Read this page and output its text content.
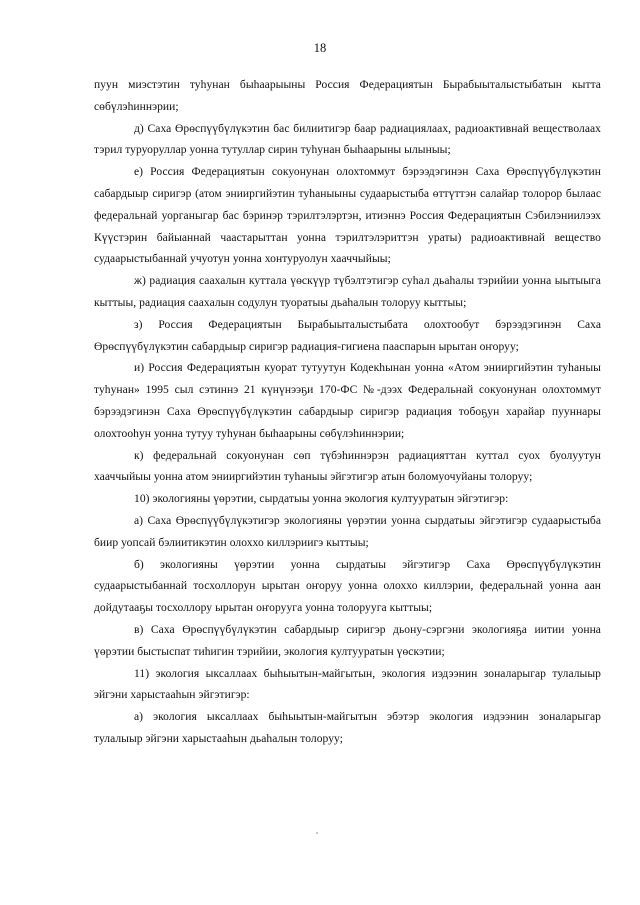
18

пуун миэстэтин туһунан быһаарыыны Россия Федерациятын Бырабыыталыстыбатын кытта сөбүлэһиннэрии;

д) Саха Өрөспүүбүлүкэтин бас билиитигэр баар радиациялаах, радиоактивнай веществолаах тэрил туруоруллар уонна тутуллар сирин туһунан быһаарыны ылыныы;

е) Россия Федерациятын сокуонунан олохтоммут бэрээдэгинэн Саха Өрөспүүбүлүкэтин сабардыыр сиригэр (атом энииргийэтин туһаныыны судаарыстыба өттүттэн салайар толорор былаас федеральнай уорганыгар бас бэринэр тэрилтэлэртэн, итиэннэ Россия Федерациятын Сэбилэниилээх Күүстэрин байыаннай чаастарыттан уонна тэрилтэлэриттэн ураты) радиоактивнай вещество судаарыстыбаннай учуотун уонна хонтуруолун хааччыйыы;

ж) радиация саахалын куттала үөскүүр түбэлтэтигэр суһал дьаһалы тэрийии уонна ыытыыга кыттыы, радиация саахалын содулун туоратыы дьаһалын толоруу кыттыы;

з) Россия Федерациятын Бырабыыталыстыбата олохтообут бэрээдэгинэн Саха Өрөспүүбүлүкэтин сабардыыр сиригэр радиация-гигиена пааспарын ырытан оҥоруу;

и) Россия Федерациятын куорат тутуутун Кодекһынан уонна «Атом энииргийэтин туһаныы туһунан» 1995 сыл сэтиннэ 21 күнүнээҕи 170-ФС №-дээх Федеральнай сокуонунан олохтоммут бэрээдэгинэн Саха Өрөспүүбүлүкэтин сабардыыр сиригэр радиация тобоҕун харайар пууннары олохтооһун уонна тутуу туһунан быһаарыны сөбүлэһиннэрии;

к) федеральнай сокуонунан сөп түбэһиннэрэн радиацияттан куттал суох буолуутун хааччыйыы уонна атом энииргийэтин туһаныы эйгэтигэр атын боломуочуйаны толоруу;

10) экологияны үөрэтии, сырдатыы уонна экология култууратын эйгэтигэр:

а) Саха Өрөспүүбүлүкэтигэр экологияны үөрэтии уонна сырдатыы эйгэтигэр судаарыстыба биир уопсай бэлиитикэтин олоххо киллэриигэ кыттыы;

б) экологияны үөрэтии уонна сырдатыы эйгэтигэр Саха Өрөспүүбүлүкэтин судаарыстыбаннай тосхоллорун ырытан оҥоруу уонна олоххо киллэрии, федеральнай уонна аан дойдутааҕы тосхоллору ырытан оҥорууга уонна толорууга кыттыы;

в) Саха Өрөспүүбүлүкэтин сабардыыр сиригэр дьону-сэргэни экологияҕа иитии уонна үөрэтии быстыспат тиһигин тэрийии, экология култууратын үөскэтии;

11) экология ыксаллаах быһыытын-майгытын, экология иэдээнин зоналарыгар тулалыыр эйгэни харыстааһын эйгэтигэр:

а) экология ыксаллаах быһыытын-майгытын эбэтэр экология иэдээнин зоналарыгар тулалыыр эйгэни харыстааһын дьаһалын толоруу;
